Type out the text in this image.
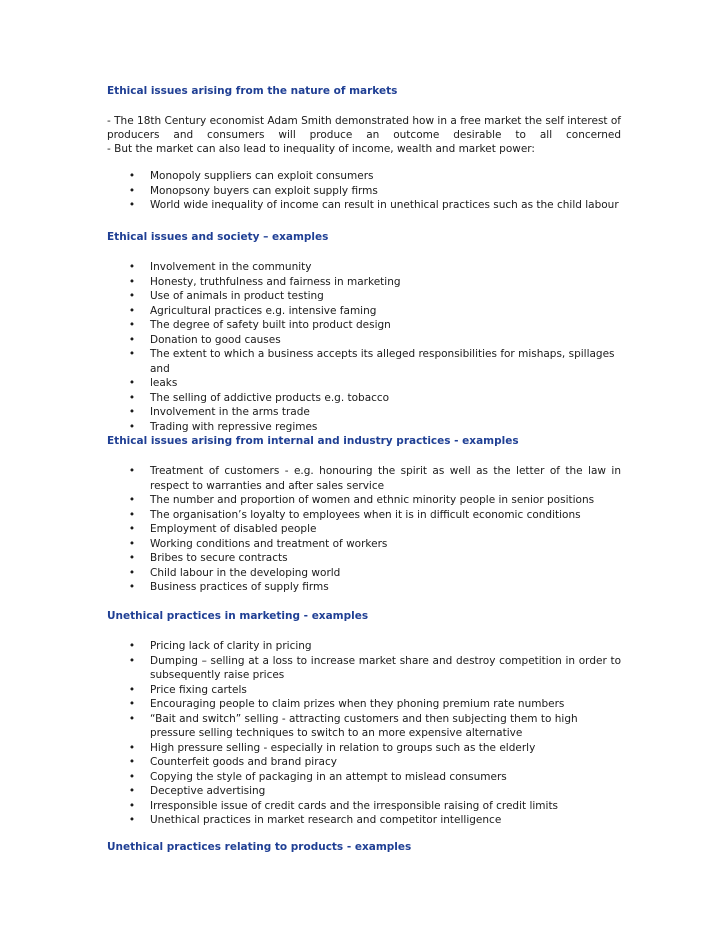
Ethical issues arising from the nature of markets

- The 18th Century economist Adam Smith demonstrated how in a free market the self interest of producers and consumers will produce an outcome desirable to all concerned

- But the market can also lead to inequality of income, wealth and market power:

• Monopoly suppliers can exploit consumers
• Monopsony buyers can exploit supply firms
• World wide inequality of income can result in unethical practices such as the child labour
Ethical issues and society – examples
• Involvement in the community
• Honesty, truthfulness and fairness in marketing
• Use of animals in product testing
• Agricultural practices e.g. intensive faming
• The degree of safety built into product design
• Donation to good causes
• The extent to which a business accepts its alleged responsibilities for mishaps, spillages and
• leaks
• The selling of addictive products e.g. tobacco
• Involvement in the arms trade
• Trading with repressive regimes
Ethical issues arising from internal and industry practices - examples
• Treatment of customers - e.g. honouring the spirit as well as the letter of the law in respect to warranties and after sales service
• The number and proportion of women and ethnic minority people in senior positions
• The organisation’s loyalty to employees when it is in difficult economic conditions
• Employment of disabled people
• Working conditions and treatment of workers
• Bribes to secure contracts
• Child labour in the developing world
• Business practices of supply firms
Unethical practices in marketing - examples
• Pricing lack of clarity in pricing
• Dumping – selling at a loss to increase market share and destroy competition in order to subsequently raise prices
• Price fixing cartels
• Encouraging people to claim prizes when they phoning premium rate numbers
• “Bait and switch” selling - attracting customers and then subjecting them to high pressure selling techniques to switch to an more expensive alternative
• High pressure selling - especially in relation to groups such as the elderly
• Counterfeit goods and brand piracy
• Copying the style of packaging in an attempt to mislead consumers
• Deceptive advertising
• Irresponsible issue of credit cards and the irresponsible raising of credit limits
• Unethical practices in market research and competitor intelligence
Unethical practices relating to products - examples
